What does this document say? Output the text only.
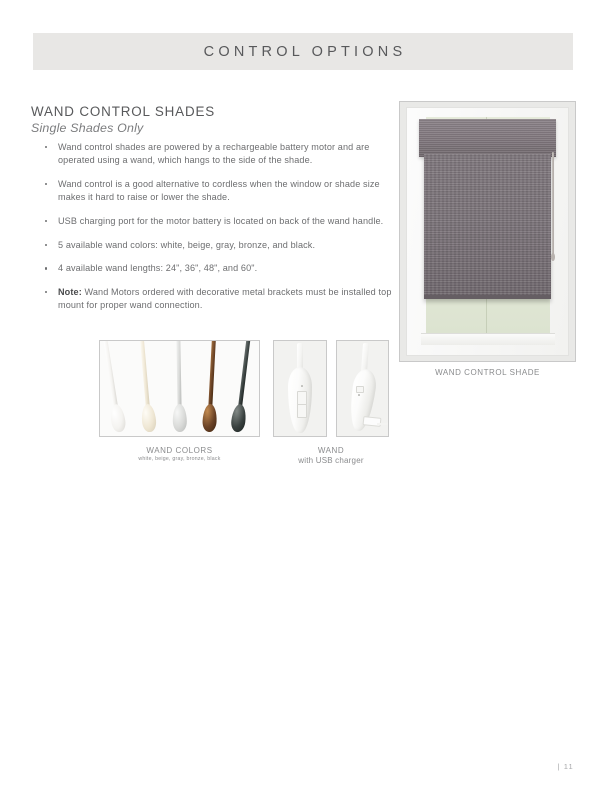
CONTROL OPTIONS
WAND CONTROL SHADES
Single Shades Only
Wand control shades are powered by a rechargeable battery motor and are operated using a wand, which hangs to the side of the shade.
Wand control is a good alternative to cordless when the window or shade size makes it hard to raise or lower the shade.
USB charging port for the motor battery is located on back of the wand handle.
5 available wand colors: white, beige, gray, bronze, and black.
4 available wand lengths: 24", 36", 48", and 60".
Note: Wand Motors ordered with decorative metal brackets must be installed top mount for proper wand connection.
WAND COLORS
white, beige, gray, bronze, black
WAND
with USB charger
WAND CONTROL SHADE
| 11
